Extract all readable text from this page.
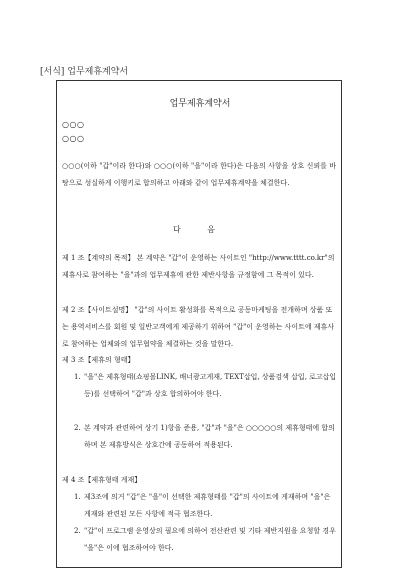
[서식] 업무제휴계약서
업무제휴계약서
○○○
○○○

○○○(이하 "갑"이라 한다)와 ○○○(이하 "을"이라 한다)은 다음의 사항을 상호 신뢰를 바탕으로 성실하게 이행키로 합의하고 아래와 같이 업무제휴계약을 체결한다.

다 음

제 1 조【계약의 목적】 본 계약은 "갑"이 운영하는 사이트인 "http://www.tttt.co.kr"의 제휴사로 참여하는 "을"과의 업무제휴에 관한 제반사항을 규정함에 그 목적이 있다.

제 2 조【사이트설명】 "갑"의 사이트 활성화를 목적으로 공동마케팅을 전개하며 상품 또는 용역서비스를 회원 및 일반고객에게 제공하기 위하여 "갑"이 운영하는 사이트에 제휴사로 참여하는 업체와의 업무협약을 체결하는 것을 말한다.

제 3 조【제휴의 형태】

1. "을"은 제휴형태(쇼핑몰LINK, 배너광고게재, TEXT삽입, 상품검색 삽입, 로고삽입 등)를 선택하여 "갑"과 상호 합의하여야 한다.

2. 본 계약과 관련하여 상기 1)항을 준용, "갑"과 "을"은 ○○○○○의 제휴형태에 합의하며 본 제휴방식은 상호간에 공동하여 적용된다.

제 4 조【제휴형태 게재】

1. 제3조에 의거 "갑"은 "을"이 선택한 제휴형태를 "갑"의 사이트에 게재하며 "을"은 게재와 관련된 모든 사항에 적극 협조한다.

2. "갑"이 프로그램 운영상의 필요에 의하여 전산관련 및 기타 제반지원을 요청할 경우 "을"은 이에 협조하여야 한다.
